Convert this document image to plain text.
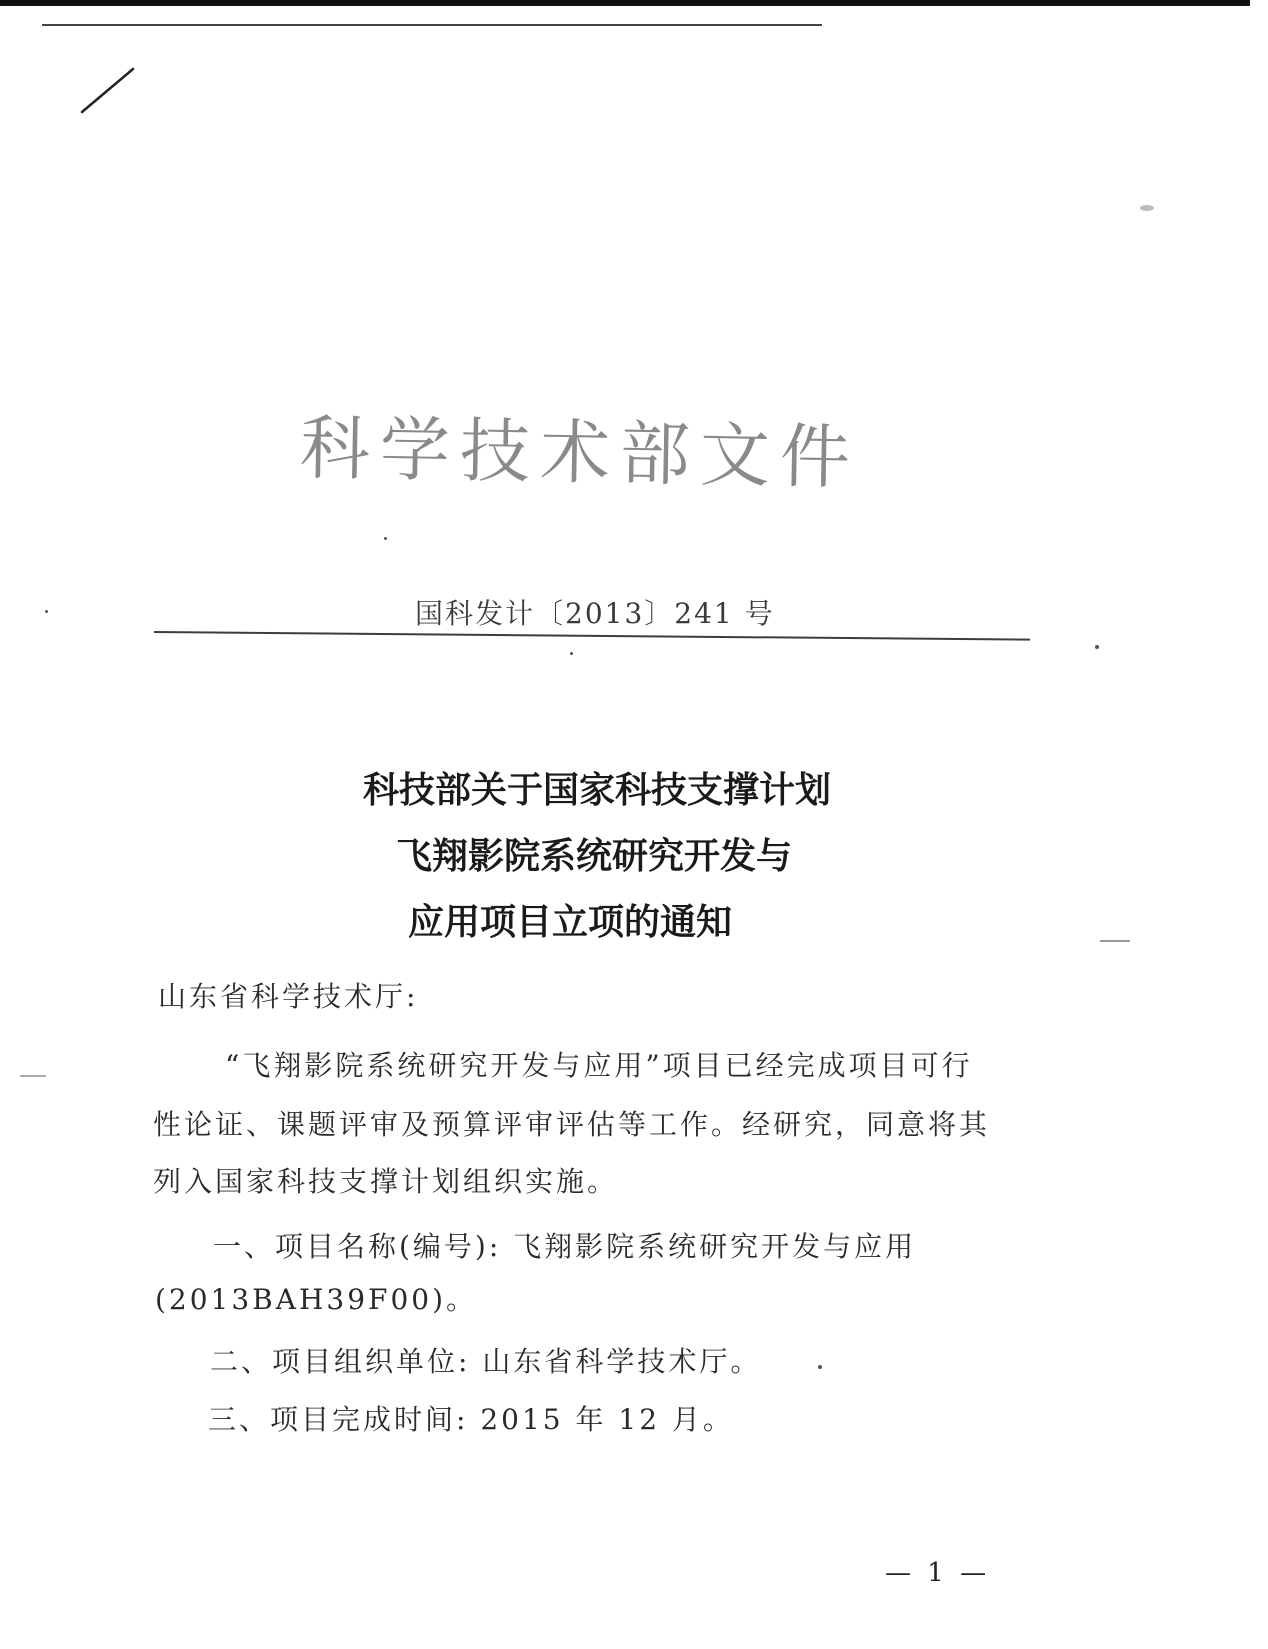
科学技术部文件
国科发计〔2013〕241 号
科技部关于国家科技支撑计划
飞翔影院系统研究开发与
应用项目立项的通知
山东省科学技术厅:
“飞翔影院系统研究开发与应用”项目已经完成项目可行
性论证、课题评审及预算评审评估等工作。经研究，同意将其
列入国家科技支撑计划组织实施。
一、项目名称(编号): 飞翔影院系统研究开发与应用
(2013BAH39F00)。
二、项目组织单位: 山东省科学技术厅。
三、项目完成时间: 2015 年 12 月。
— 1 —
